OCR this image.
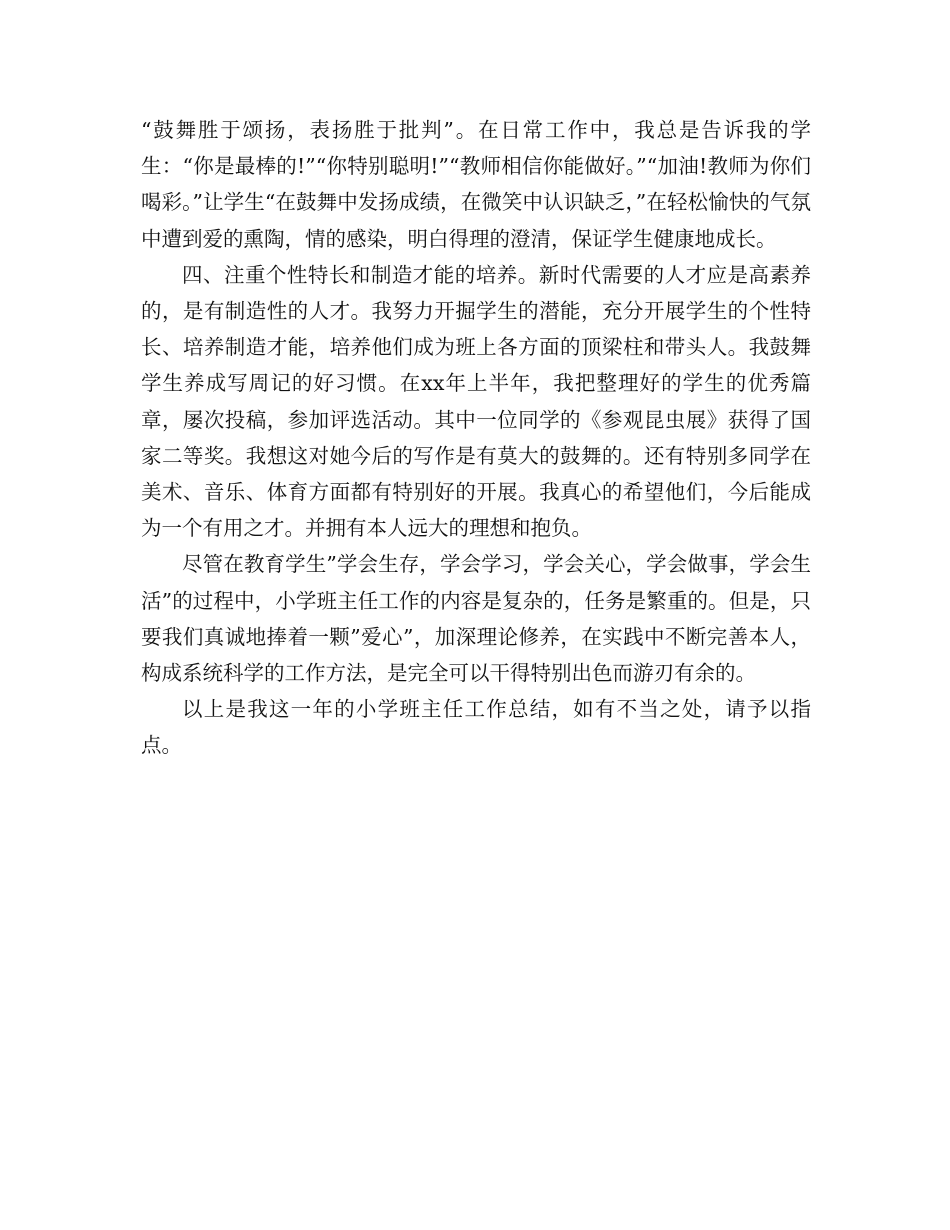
“鼓舞胜于颂扬，表扬胜于批判”。在日常工作中，我总是告诉我的学生：“你是最棒的!”“你特别聪明!”“教师相信你能做好。”“加油!教师为你们喝彩。”让学生“在鼓舞中发扬成绩，在微笑中认识缺乏，”在轻松愉快的气氛中遭到爱的熏陶，情的感染，明白得理的澄清，保证学生健康地成长。

四、注重个性特长和制造才能的培养。新时代需要的人才应是高素养的，是有制造性的人才。我努力开掘学生的潜能，充分开展学生的个性特长、培养制造才能，培养他们成为班上各方面的顶梁柱和带头人。我鼓舞学生养成写周记的好习惯。在xx年上半年，我把整理好的学生的优秀篇章，屡次投稿，参加评选活动。其中一位同学的《参观昆虫展》获得了国家二等奖。我想这对她今后的写作是有莫大的鼓舞的。还有特别多同学在美术、音乐、体育方面都有特别好的开展。我真心的希望他们，今后能成为一个有用之才。并拥有本人远大的理想和抱负。

尽管在教育学生”学会生存，学会学习，学会关心，学会做事，学会生活”的过程中，小学班主任工作的内容是复杂的，任务是繁重的。但是，只要我们真诚地捧着一颗”爱心”，加深理论修养，在实践中不断完善本人，构成系统科学的工作方法，是完全可以干得特别出色而游刃有余的。

以上是我这一年的小学班主任工作总结，如有不当之处，请予以指点。
